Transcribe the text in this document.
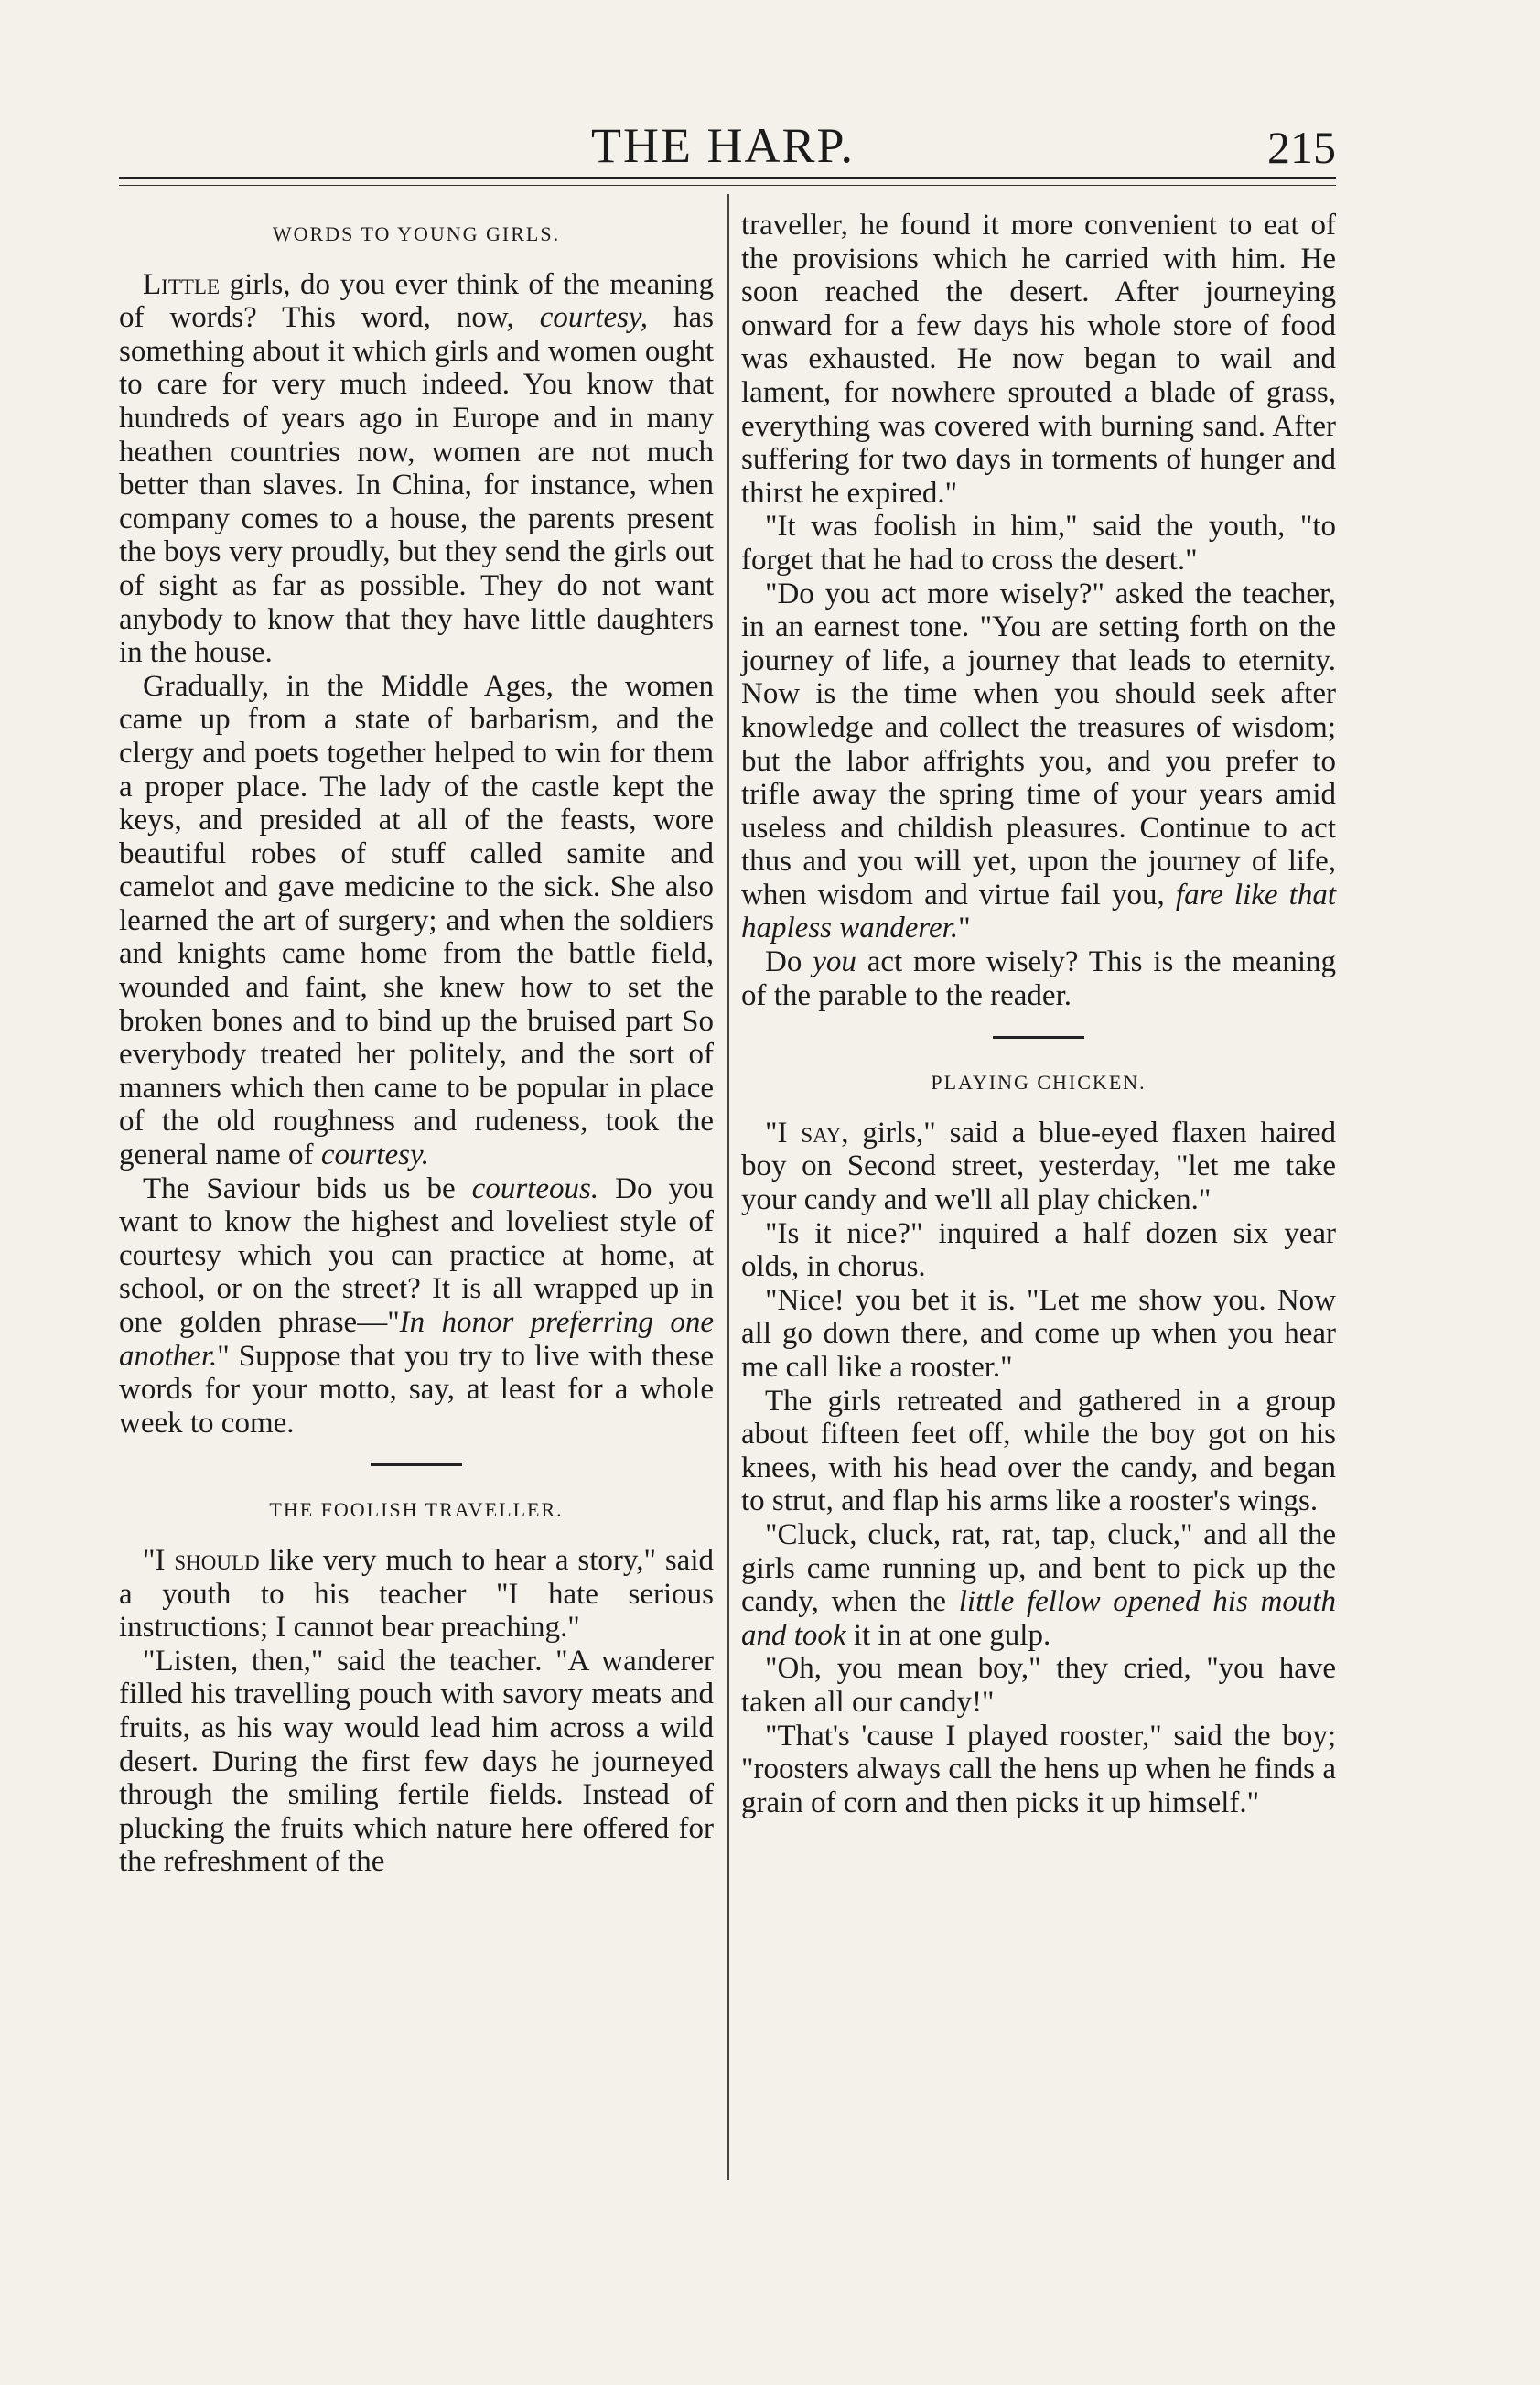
THE HARP.	215
WORDS TO YOUNG GIRLS.

Little girls, do you ever think of the meaning of words? This word, now, courtesy, has something about it which girls and women ought to care for very much indeed. You know that hundreds of years ago in Europe and in many heathen countries now, women are not much better than slaves. In China, for instance, when company comes to a house, the parents present the boys very proudly, but they send the girls out of sight as far as possible. They do not want anybody to know that they have little daughters in the house.

Gradually, in the Middle Ages, the women came up from a state of barbarism, and the clergy and poets together helped to win for them a proper place. The lady of the castle kept the keys, and presided at all of the feasts, wore beautiful robes of stuff called samite and camelot and gave medicine to the sick. She also learned the art of surgery; and when the soldiers and knights came home from the battle field, wounded and faint, she knew how to set the broken bones and to bind up the bruised part So everybody treated her politely, and the sort of manners which then came to be popular in place of the old roughness and rudeness, took the general name of courtesy.

The Saviour bids us be courteous. Do you want to know the highest and loveliest style of courtesy which you can practice at home, at school, or on the street? It is all wrapped up in one golden phrase—"In honor preferring one another." Suppose that you try to live with these words for your motto, say, at least for a whole week to come.

THE FOOLISH TRAVELLER.

"I should like very much to hear a story," said a youth to his teacher "I hate serious instructions; I cannot bear preaching."

"Listen, then," said the teacher. "A wanderer filled his travelling pouch with savory meats and fruits, as his way would lead him across a wild desert. During the first few days he journeyed through the smiling fertile fields. Instead of plucking the fruits which nature here offered for the refreshment of the

traveller, he found it more convenient to eat of the provisions which he carried with him. He soon reached the desert. After journeying onward for a few days his whole store of food was exhausted. He now began to wail and lament, for nowhere sprouted a blade of grass, everything was covered with burning sand. After suffering for two days in torments of hunger and thirst he expired."

"It was foolish in him," said the youth, "to forget that he had to cross the desert."

"Do you act more wisely?" asked the teacher, in an earnest tone. "You are setting forth on the journey of life, a journey that leads to eternity. Now is the time when you should seek after knowledge and collect the treasures of wisdom; but the labor affrights you, and you prefer to trifle away the spring time of your years amid useless and childish pleasures. Continue to act thus and you will yet, upon the journey of life, when wisdom and virtue fail you, fare like that hapless wanderer."

Do you act more wisely? This is the meaning of the parable to the reader.

PLAYING CHICKEN.

"I say, girls," said a blue-eyed flaxen haired boy on Second street, yesterday, "let me take your candy and we'll all play chicken."

"Is it nice?" inquired a half dozen six year olds, in chorus.

"Nice! you bet it is. "Let me show you. Now all go down there, and come up when you hear me call like a rooster."

The girls retreated and gathered in a group about fifteen feet off, while the boy got on his knees, with his head over the candy, and began to strut, and flap his arms like a rooster's wings.

"Cluck, cluck, rat, rat, tap, cluck," and all the girls came running up, and bent to pick up the candy, when the little fellow opened his mouth and took it in at one gulp.

"Oh, you mean boy," they cried, "you have taken all our candy!"

"That's 'cause I played rooster," said the boy; "roosters always call the hens up when he finds a grain of corn and then picks it up himself."
